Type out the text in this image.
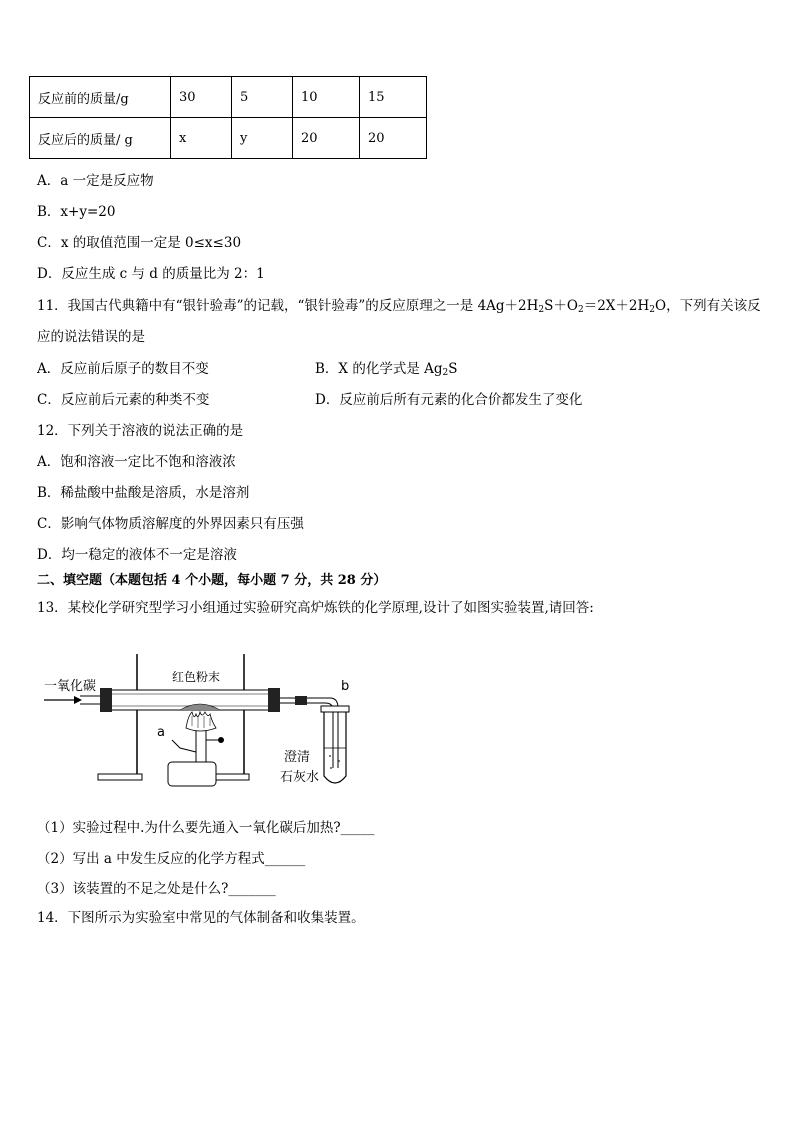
反应前的质量/g	30	5	10	15
反应后的质量/ g	x	y	20	20
A．a 一定是反应物
B．x+y=20
C．x 的取值范围一定是 0≤x≤30
D．反应生成 c 与 d 的质量比为 2：1
11．我国古代典籍中有“银针验毒”的记载，“银针验毒”的反应原理之一是 $4Ag+2H_2S+O_2=2X+2H_2O$，下列有关该反
应的说法错误的是
A．反应前后原子的数目不变	B．X 的化学式是 $Ag_2S$
C．反应前后元素的种类不变	D．反应前后所有元素的化合价都发生了变化
12．下列关于溶液的说法正确的是
A．饱和溶液一定比不饱和溶液浓
B．稀盐酸中盐酸是溶质，水是溶剂
C．影响气体物质溶解度的外界因素只有压强
D．均一稳定的液体不一定是溶液
二、填空题（本题包括 4 个小题，每小题 7 分，共 28 分）
13．某校化学研究型学习小组通过实验研究高炉炼铁的化学原理,设计了如图实验装置,请回答:
一氧化碳
红色粉末
a
b
澄清
石灰水
（1）实验过程中.为什么要先通入一氧化碳后加热?_____
（2）写出 a 中发生反应的化学方程式______
（3）该装置的不足之处是什么?_______
14．下图所示为实验室中常见的气体制备和收集装置。
